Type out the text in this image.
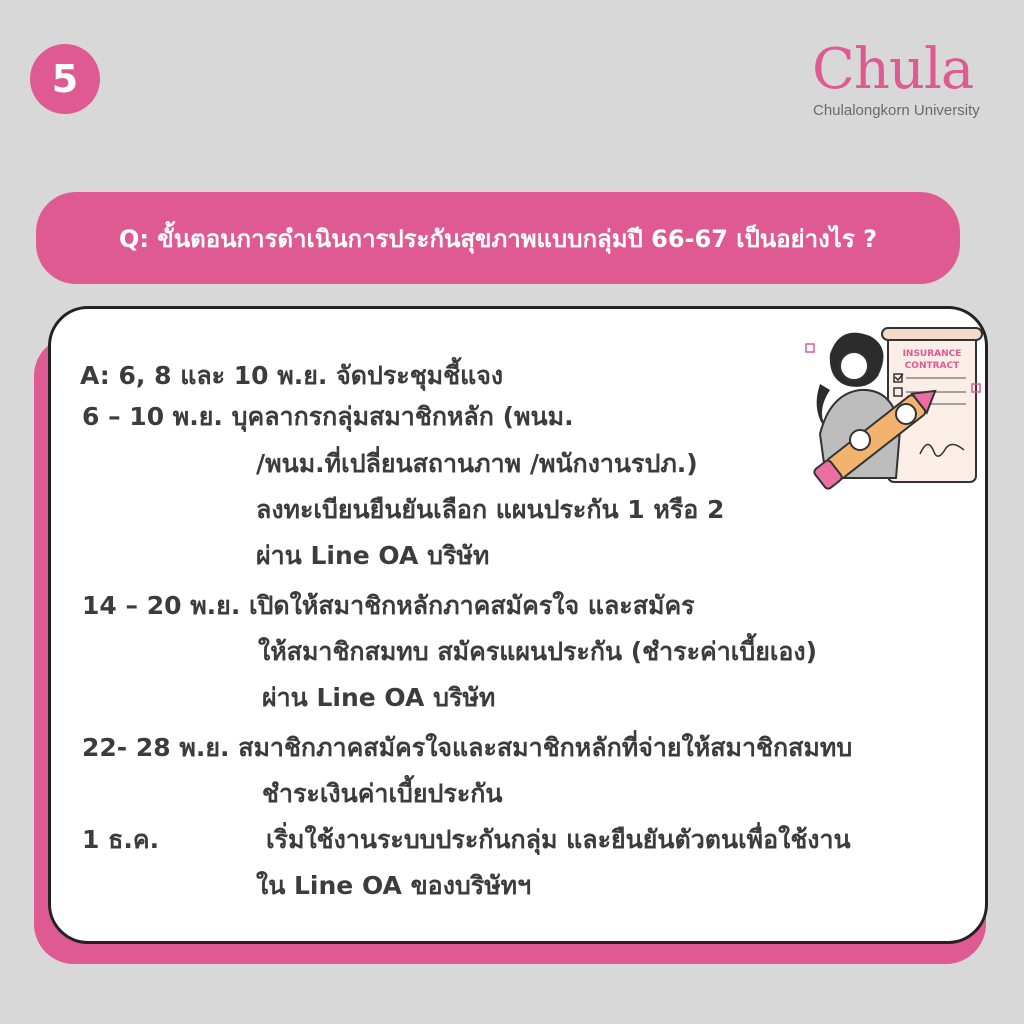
5	Chula
Chulalongkorn University
Q: ขั้นตอนการดำเนินการประกันสุขภาพแบบกลุ่มปี 66-67 เป็นอย่างไร ?
INSURANCE
CONTRACT
A: 6, 8 และ 10 พ.ย. จัดประชุมชี้แจง
6 – 10 พ.ย. บุคลากรกลุ่มสมาชิกหลัก (พนม.
/พนม.ที่เปลี่ยนสถานภาพ /พนักงานรปภ.)
ลงทะเบียนยืนยันเลือก แผนประกัน 1 หรือ 2
ผ่าน Line OA บริษัท
14 – 20 พ.ย. เปิดให้สมาชิกหลักภาคสมัครใจ และสมัคร
ให้สมาชิกสมทบ สมัครแผนประกัน (ชำระค่าเบี้ยเอง)
ผ่าน Line OA บริษัท
22- 28 พ.ย. สมาชิกภาคสมัครใจและสมาชิกหลักที่จ่ายให้สมาชิกสมทบ
ชำระเงินค่าเบี้ยประกัน
1 ธ.ค.	เริ่มใช้งานระบบประกันกลุ่ม และยืนยันตัวตนเพื่อใช้งาน
ใน Line OA ของบริษัทฯ
